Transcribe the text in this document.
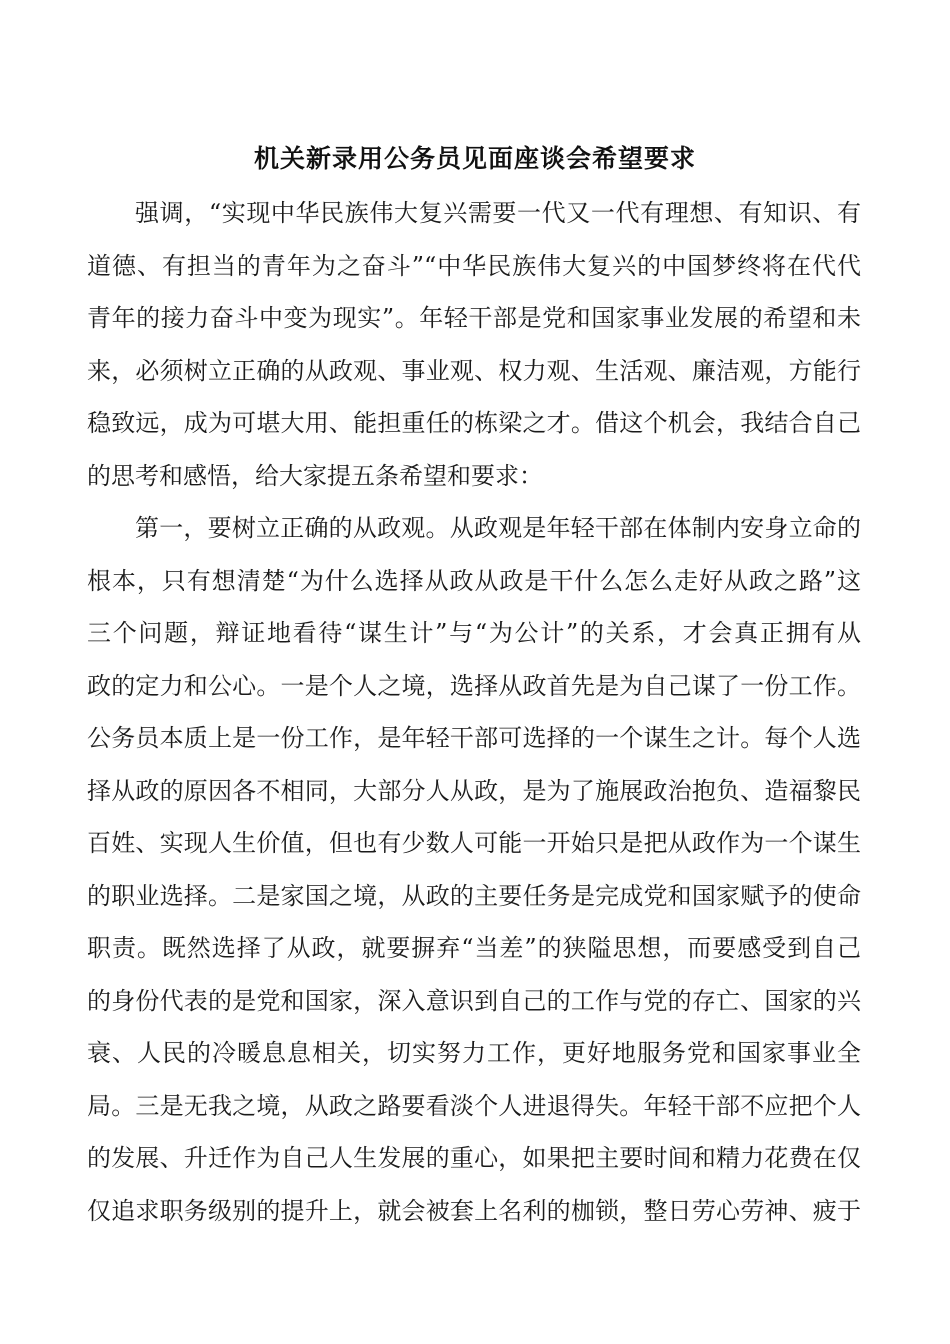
机关新录用公务员见面座谈会希望要求
强调，“实现中华民族伟大复兴需要一代又一代有理想、有知识、有
道德、有担当的青年为之奋斗”“中华民族伟大复兴的中国梦终将在代代
青年的接力奋斗中变为现实”。年轻干部是党和国家事业发展的希望和未
来，必须树立正确的从政观、事业观、权力观、生活观、廉洁观，方能行
稳致远，成为可堪大用、能担重任的栋梁之才。借这个机会，我结合自己
的思考和感悟，给大家提五条希望和要求：
第一，要树立正确的从政观。从政观是年轻干部在体制内安身立命的
根本，只有想清楚“为什么选择从政从政是干什么怎么走好从政之路”这
三个问题，辩证地看待“谋生计”与“为公计”的关系，才会真正拥有从
政的定力和公心。一是个人之境，选择从政首先是为自己谋了一份工作。
公务员本质上是一份工作，是年轻干部可选择的一个谋生之计。每个人选
择从政的原因各不相同，大部分人从政，是为了施展政治抱负、造福黎民
百姓、实现人生价值，但也有少数人可能一开始只是把从政作为一个谋生
的职业选择。二是家国之境，从政的主要任务是完成党和国家赋予的使命
职责。既然选择了从政，就要摒弃“当差”的狭隘思想，而要感受到自己
的身份代表的是党和国家，深入意识到自己的工作与党的存亡、国家的兴
衰、人民的冷暖息息相关，切实努力工作，更好地服务党和国家事业全
局。三是无我之境，从政之路要看淡个人进退得失。年轻干部不应把个人
的发展、升迁作为自己人生发展的重心，如果把主要时间和精力花费在仅
仅追求职务级别的提升上，就会被套上名利的枷锁，整日劳心劳神、疲于
